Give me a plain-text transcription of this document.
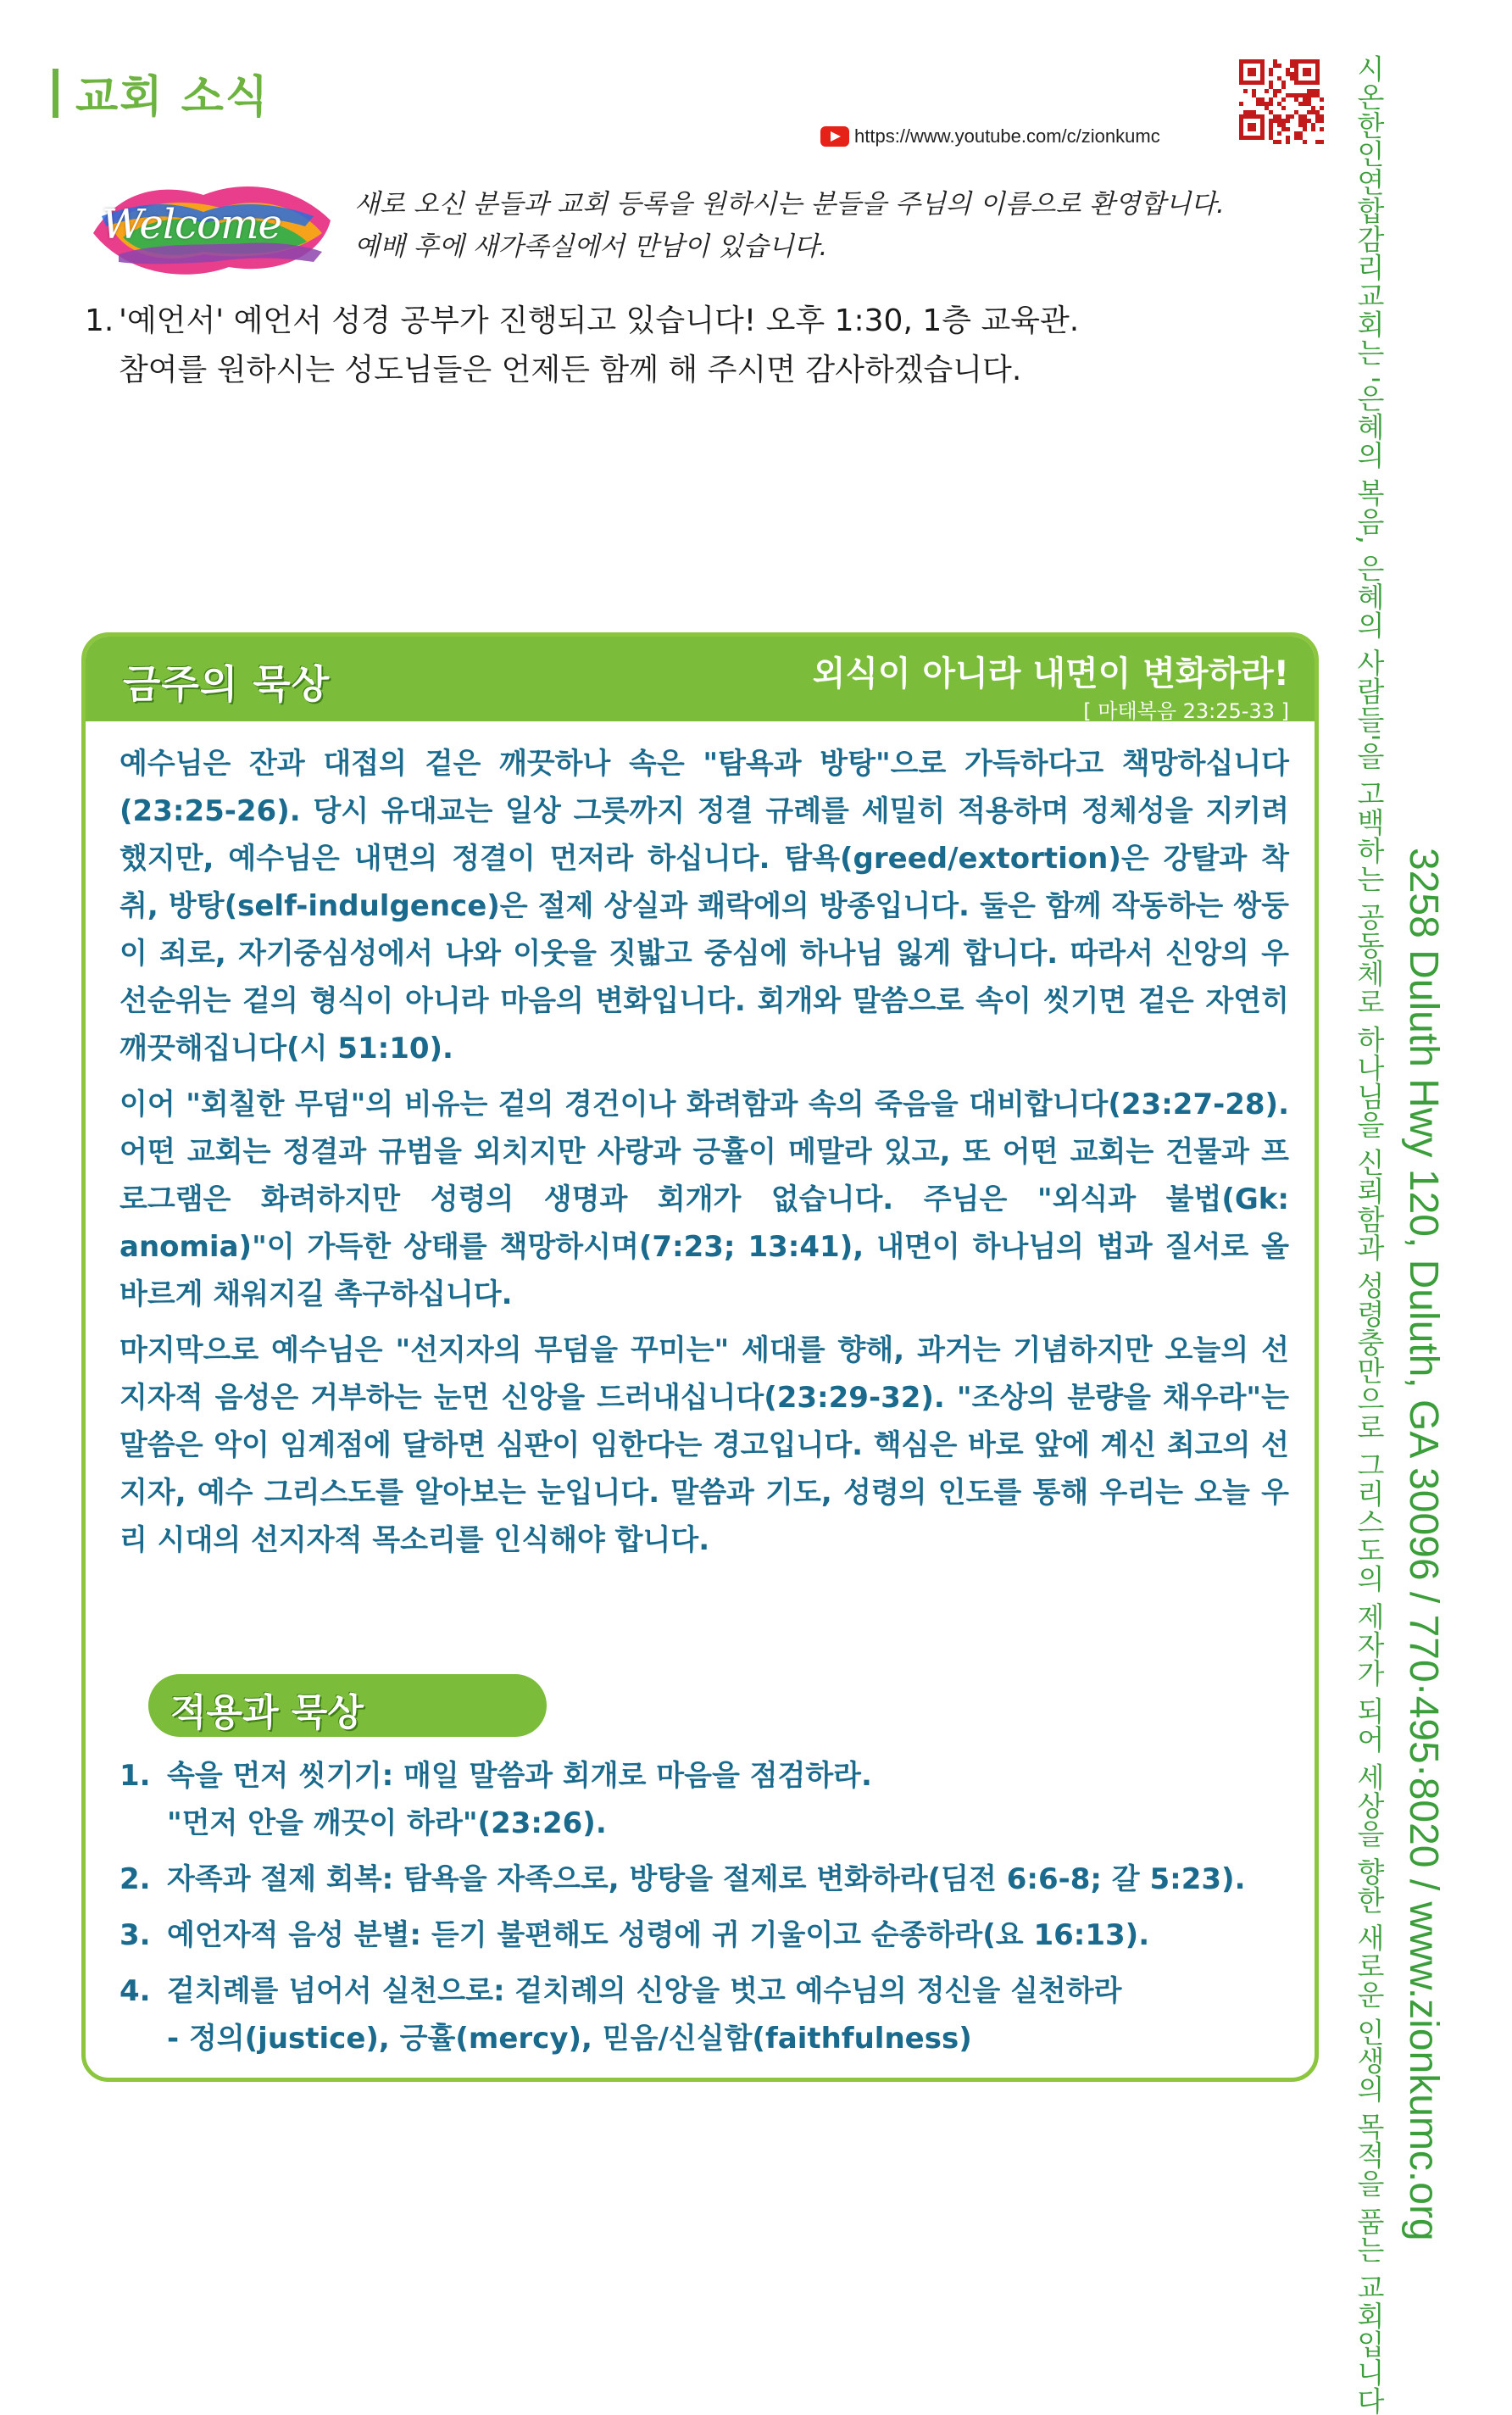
교회 소식
https://www.youtube.com/c/zionkumc
Welcome	새로 오신 분들과 교회 등록을 원하시는 분들을 주님의 이름으로 환영합니다.
예배 후에 새가족실에서 만남이 있습니다.
1. '예언서' 예언서 성경 공부가 진행되고 있습니다! 오후 1:30, 1층 교육관.
참여를 원하시는 성도님들은 언제든 함께 해 주시면 감사하겠습니다.	시온한인연합감리교회는 '은혜의 복음, 은혜의 사람들'을 고백하는 공동체로 하나님을 신뢰함과 성령충만으로 그리스도의 제자가 되어 세상을 향한 새로운 인생의 목적을 품는 교회입니다 3258 Duluth Hwy 120, Duluth, GA 30096 / 770·495·8020 / www.zionkumc.org
금주의 묵상	외식이 아니라 내면이 변화하라!
[ 마태복음 23:25-33 ]

예수님은 잔과 대접의 겉은 깨끗하나 속은 "탐욕과 방탕"으로 가득하다고 책망하십니다(23:25-26). 당시 유대교는 일상 그릇까지 정결 규례를 세밀히 적용하며 정체성을 지키려 했지만, 예수님은 내면의 정결이 먼저라 하십니다. 탐욕(greed/extortion)은 강탈과 착취, 방탕(self-indulgence)은 절제 상실과 쾌락에의 방종입니다. 둘은 함께 작동하는 쌍둥이 죄로, 자기중심성에서 나와 이웃을 짓밟고 중심에 하나님 잃게 합니다. 따라서 신앙의 우선순위는 겉의 형식이 아니라 마음의 변화입니다. 회개와 말씀으로 속이 씻기면 겉은 자연히 깨끗해집니다(시 51:10).

이어 "회칠한 무덤"의 비유는 겉의 경건이나 화려함과 속의 죽음을 대비합니다(23:27-28). 어떤 교회는 정결과 규범을 외치지만 사랑과 긍휼이 메말라 있고, 또 어떤 교회는 건물과 프로그램은 화려하지만 성령의 생명과 회개가 없습니다. 주님은 "외식과 불법(Gk: anomia)"이 가득한 상태를 책망하시며(7:23; 13:41), 내면이 하나님의 법과 질서로 올바르게 채워지길 촉구하십니다.

마지막으로 예수님은 "선지자의 무덤을 꾸미는" 세대를 향해, 과거는 기념하지만 오늘의 선지자적 음성은 거부하는 눈먼 신앙을 드러내십니다(23:29-32). "조상의 분량을 채우라"는 말씀은 악이 임계점에 달하면 심판이 임한다는 경고입니다. 핵심은 바로 앞에 계신 최고의 선지자, 예수 그리스도를 알아보는 눈입니다. 말씀과 기도, 성령의 인도를 통해 우리는 오늘 우리 시대의 선지자적 목소리를 인식해야 합니다.

적용과 묵상
1. 속을 먼저 씻기기: 매일 말씀과 회개로 마음을 점검하라.
"먼저 안을 깨끗이 하라"(23:26).
2. 자족과 절제 회복: 탐욕을 자족으로, 방탕을 절제로 변화하라(딤전 6:6-8; 갈 5:23).
3. 예언자적 음성 분별: 듣기 불편해도 성령에 귀 기울이고 순종하라(요 16:13).
4. 겉치례를 넘어서 실천으로: 겉치례의 신앙을 벗고 예수님의 정신을 실천하라
- 정의(justice), 긍휼(mercy), 믿음/신실함(faithfulness)
